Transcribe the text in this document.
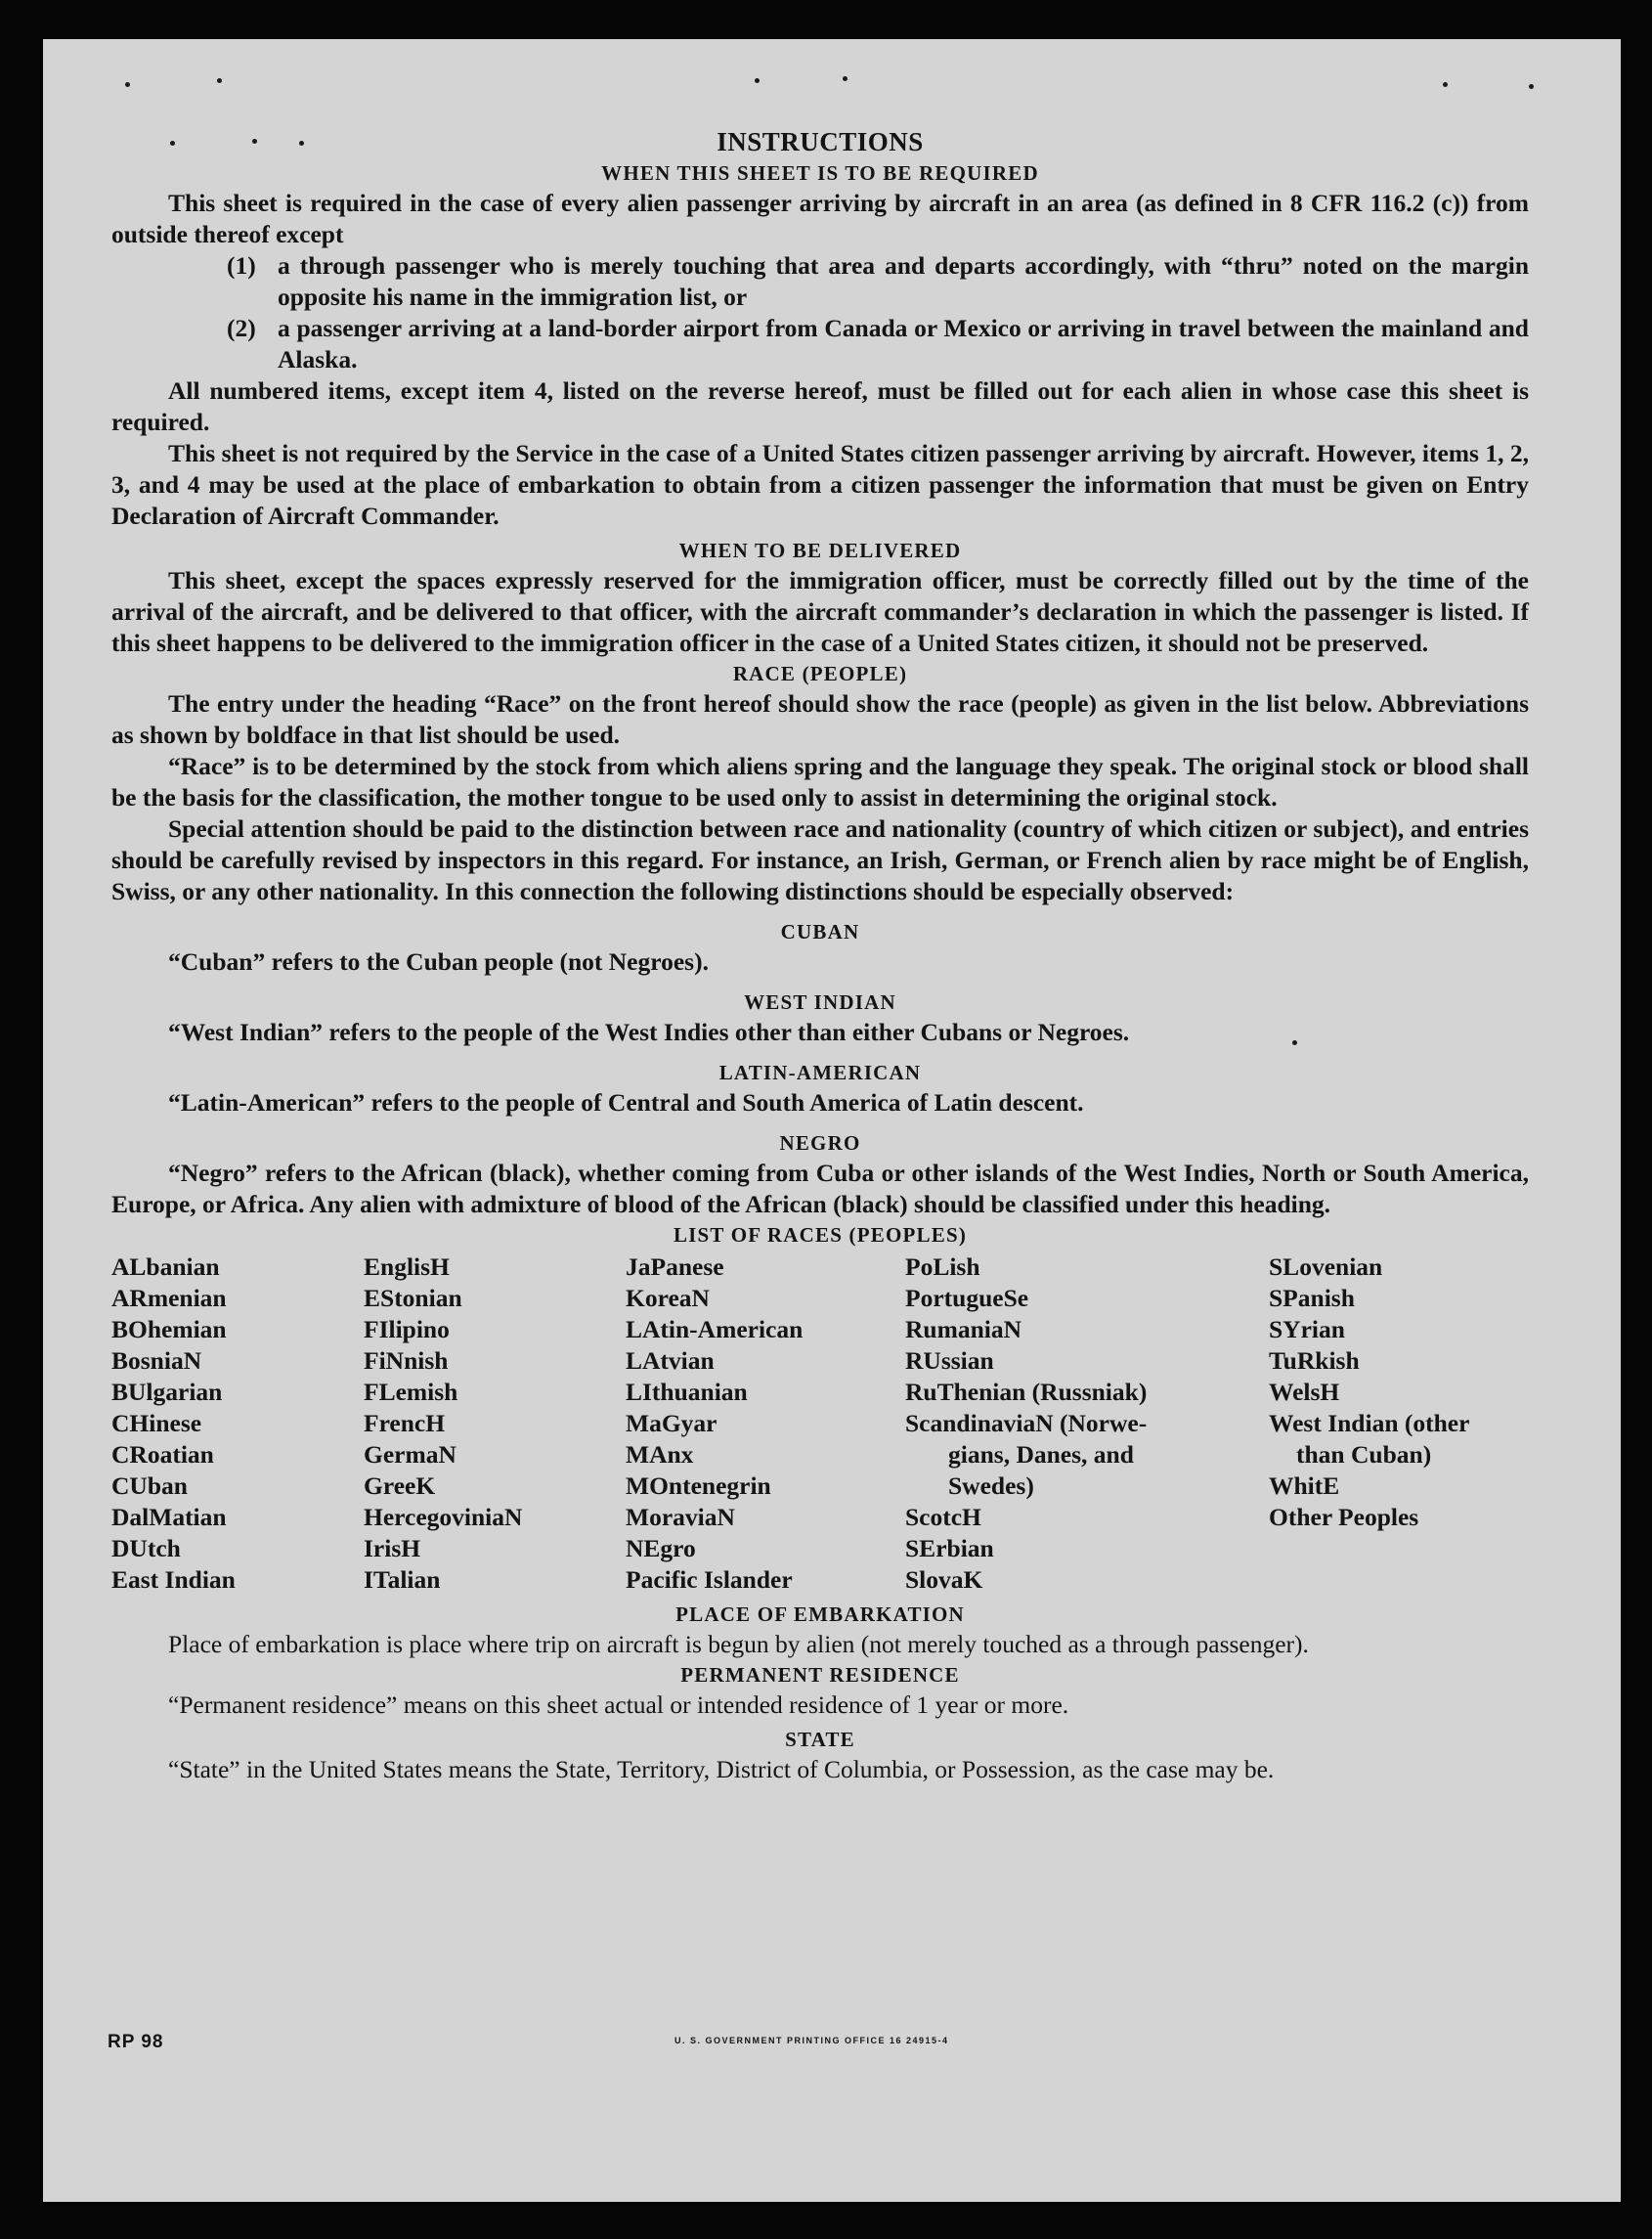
INSTRUCTIONS
WHEN THIS SHEET IS TO BE REQUIRED

This sheet is required in the case of every alien passenger arriving by aircraft in an area (as defined in 8 CFR 116.2 (c)) from outside thereof except

(1) a through passenger who is merely touching that area and departs accordingly, with “thru” noted on the margin opposite his name in the immigration list, or
(2) a passenger arriving at a land-border airport from Canada or Mexico or arriving in travel between the mainland and Alaska.

All numbered items, except item 4, listed on the reverse hereof, must be filled out for each alien in whose case this sheet is required.

This sheet is not required by the Service in the case of a United States citizen passenger arriving by aircraft. However, items 1, 2, 3, and 4 may be used at the place of embarkation to obtain from a citizen passenger the information that must be given on Entry Declaration of Aircraft Commander.

WHEN TO BE DELIVERED

This sheet, except the spaces expressly reserved for the immigration officer, must be correctly filled out by the time of the arrival of the aircraft, and be delivered to that officer, with the aircraft commander’s declaration in which the passenger is listed. If this sheet happens to be delivered to the immigration officer in the case of a United States citizen, it should not be preserved.

RACE (PEOPLE)

The entry under the heading “Race” on the front hereof should show the race (people) as given in the list below. Abbreviations as shown by boldface in that list should be used.

“Race” is to be determined by the stock from which aliens spring and the language they speak. The original stock or blood shall be the basis for the classification, the mother tongue to be used only to assist in determining the original stock.

Special attention should be paid to the distinction between race and nationality (country of which citizen or subject), and entries should be carefully revised by inspectors in this regard. For instance, an Irish, German, or French alien by race might be of English, Swiss, or any other nationality. In this connection the following distinctions should be especially observed:

CUBAN

“Cuban” refers to the Cuban people (not Negroes).

WEST INDIAN

“West Indian” refers to the people of the West Indies other than either Cubans or Negroes.

LATIN-AMERICAN

“Latin-American” refers to the people of Central and South America of Latin descent.

NEGRO

“Negro” refers to the African (black), whether coming from Cuba or other islands of the West Indies, North or South America, Europe, or Africa. Any alien with admixture of blood of the African (black) should be classified under this heading.

LIST OF RACES (PEOPLES)
ALbanian
ARmenian
BOhemian
BosniaN
BUlgarian
CHinese
CRoatian
CUban
DalMatian
DUtch
East Indian
EnglisH
EStonian
FIlipino
FiNnish
FLemish
FrencH
GermaN
GreeK
HercegoviniaN
IrisH
ITalian
JaPanese
KoreaN
LAtin-American
LAtvian
LIthuanian
MaGyar
MAnx
MOntenegrin
MoraviaN
NEgro
Pacific Islander
PoLish
PortugueSe
RumaniaN
RUssian
RuThenian (Russniak)
ScandinaviaN (Norwe-
gians, Danes, and
Swedes)
ScotcH
SErbian
SlovaK
SLovenian
SPanish
SYrian
TuRkish
WelsH
West Indian (other
than Cuban)
WhitE
Other Peoples
PLACE OF EMBARKATION

Place of embarkation is place where trip on aircraft is begun by alien (not merely touched as a through passenger).

PERMANENT RESIDENCE

“Permanent residence” means on this sheet actual or intended residence of 1 year or more.

STATE

“State” in the United States means the State, Territory, District of Columbia, or Possession, as the case may be.

RP 98	U. S. GOVERNMENT PRINTING OFFICE 16 24915-4
